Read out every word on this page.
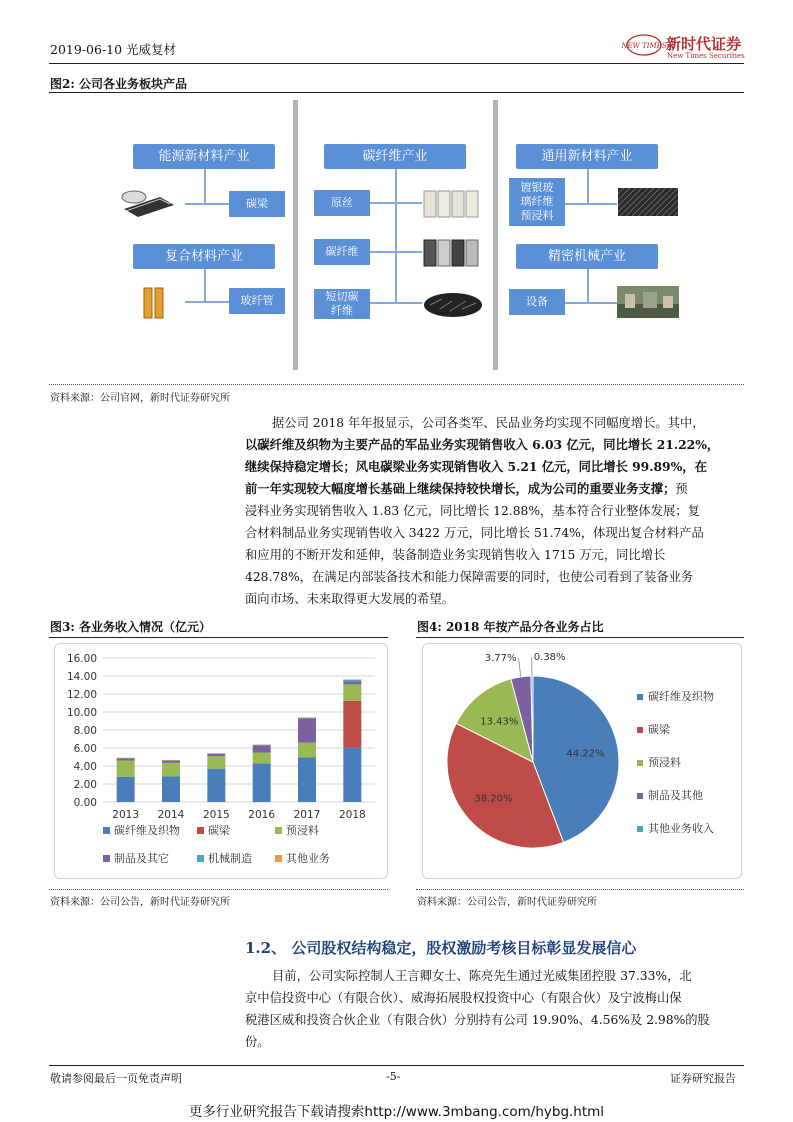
2019-06-10 光威复材	NEW TIMES 新时代证券
New Times Securities
图2: 公司各业务板块产品
能源新材料产业
碳梁
复合材料产业
玻纤管
碳纤维产业
原丝
碳纤维
短切碳
纤维
通用新材料产业
镀银玻
璃纤维
预浸料
精密机械产业
设备
资料来源：公司官网，新时代证券研究所
据公司 2018 年年报显示，公司各类军、民品业务均实现不同幅度增长。其中，
以碳纤维及织物为主要产品的军品业务实现销售收入 6.03 亿元，同比增长 21.22%，
继续保持稳定增长；风电碳梁业务实现销售收入 5.21 亿元，同比增长 99.89%，在
前一年实现较大幅度增长基础上继续保持较快增长，成为公司的重要业务支撑；预
浸料业务实现销售收入 1.83 亿元，同比增长 12.88%，基本符合行业整体发展；复
合材料制品业务实现销售收入 3422 万元，同比增长 51.74%，体现出复合材料产品
和应用的不断开发和延伸，装备制造业务实现销售收入 1715 万元，同比增长
428.78%，在满足内部装备技术和能力保障需要的同时，也使公司看到了装备业务
面向市场、未来取得更大发展的希望。
图3: 各业务收入情况（亿元）
0.00
2.00
4.00
6.00
8.00
10.00
12.00
14.00
16.00
2013 2014 2015 2016 2017 2018
碳纤维及织物	碳梁	预浸料
制品及其它	机械制造	其他业务
资料来源：公司公告，新时代证券研究所
图4: 2018 年按产品分各业务占比
44.22%
38.20%
13.43%
3.77% 0.38%
碳纤维及织物
碳梁
预浸料
制品及其他
其他业务收入
资料来源：公司公告，新时代证券研究所
1.2、 公司股权结构稳定，股权激励考核目标彰显发展信心
目前，公司实际控制人王言卿女士、陈亮先生通过光威集团控股 37.33%，北
京中信投资中心（有限合伙）、威海拓展股权投资中心（有限合伙）及宁波梅山保
税港区威和投资合伙企业（有限合伙）分别持有公司 19.90%、4.56%及 2.98%的股
份。
敬请参阅最后一页免责声明	-5-	证券研究报告
更多行业研究报告下载请搜索http://www.3mbang.com/hybg.html
